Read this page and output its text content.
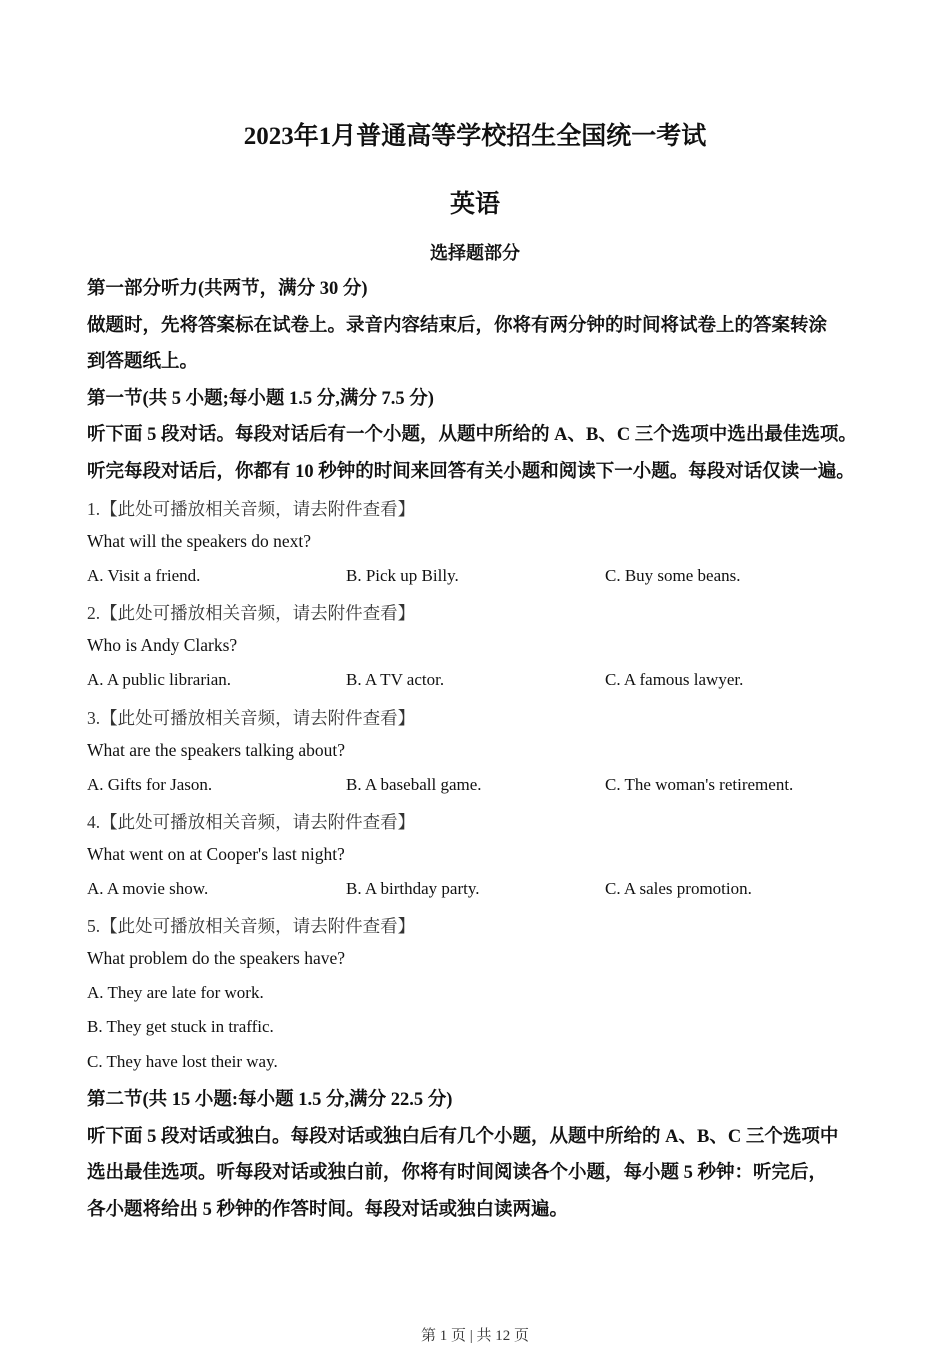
2023年1月普通高等学校招生全国统一考试
英语
选择题部分
第一部分听力(共两节，满分 30 分)
做题时，先将答案标在试卷上。录音内容结束后，你将有两分钟的时间将试卷上的答案转涂
到答题纸上。
第一节(共 5 小题;每小题 1.5 分,满分 7.5 分)
听下面 5 段对话。每段对话后有一个小题，从题中所给的 A、B、C 三个选项中选出最佳选项。
听完每段对话后，你都有 10 秒钟的时间来回答有关小题和阅读下一小题。每段对话仅读一遍。
1.【此处可播放相关音频，请去附件查看】
What will the speakers do next?
A. Visit a friend.	B. Pick up Billy.	C. Buy some beans.
2.【此处可播放相关音频，请去附件查看】
Who is Andy Clarks?
A. A public librarian.	B. A TV actor.	C. A famous lawyer.
3.【此处可播放相关音频，请去附件查看】
What are the speakers talking about?
A. Gifts for Jason.	B. A baseball game.	C. The woman's retirement.
4.【此处可播放相关音频，请去附件查看】
What went on at Cooper's last night?
A. A movie show.	B. A birthday party.	C. A sales promotion.
5.【此处可播放相关音频，请去附件查看】
What problem do the speakers have?
A. They are late for work.
B. They get stuck in traffic.
C. They have lost their way.
第二节(共 15 小题:每小题 1.5 分,满分 22.5 分)
听下面 5 段对话或独白。每段对话或独白后有几个小题，从题中所给的 A、B、C 三个选项中
选出最佳选项。听每段对话或独白前，你将有时间阅读各个小题，每小题 5 秒钟：听完后，
各小题将给出 5 秒钟的作答时间。每段对话或独白读两遍。
第 1 页 | 共 12 页
